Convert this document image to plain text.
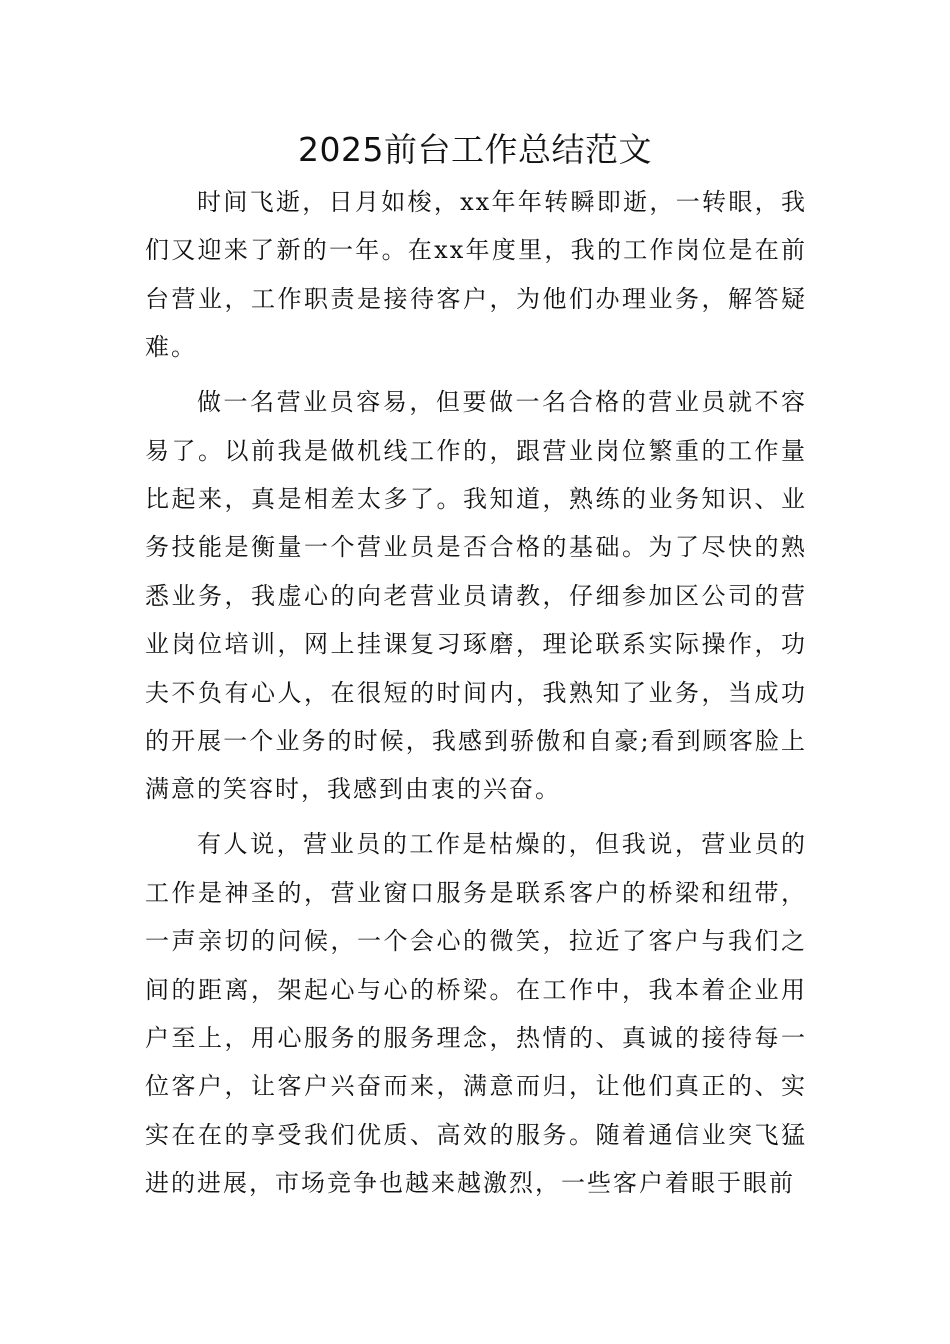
2025前台工作总结范文

时间飞逝，日月如梭，xx年年转瞬即逝，一转眼，我们又迎来了新的一年。在xx年度里，我的工作岗位是在前台营业，工作职责是接待客户，为他们办理业务，解答疑难。

做一名营业员容易，但要做一名合格的营业员就不容易了。以前我是做机线工作的，跟营业岗位繁重的工作量比起来，真是相差太多了。我知道，熟练的业务知识、业务技能是衡量一个营业员是否合格的基础。为了尽快的熟悉业务，我虚心的向老营业员请教，仔细参加区公司的营业岗位培训，网上挂课复习琢磨，理论联系实际操作，功夫不负有心人，在很短的时间内，我熟知了业务，当成功的开展一个业务的时候，我感到骄傲和自豪;看到顾客脸上满意的笑容时，我感到由衷的兴奋。

有人说，营业员的工作是枯燥的，但我说，营业员的工作是神圣的，营业窗口服务是联系客户的桥梁和纽带，一声亲切的问候，一个会心的微笑，拉近了客户与我们之间的距离，架起心与心的桥梁。在工作中，我本着企业用户至上，用心服务的服务理念，热情的、真诚的接待每一位客户，让客户兴奋而来，满意而归，让他们真正的、实实在在的享受我们优质、高效的服务。随着通信业突飞猛进的进展，市场竞争也越来越激烈，一些客户着眼于眼前
